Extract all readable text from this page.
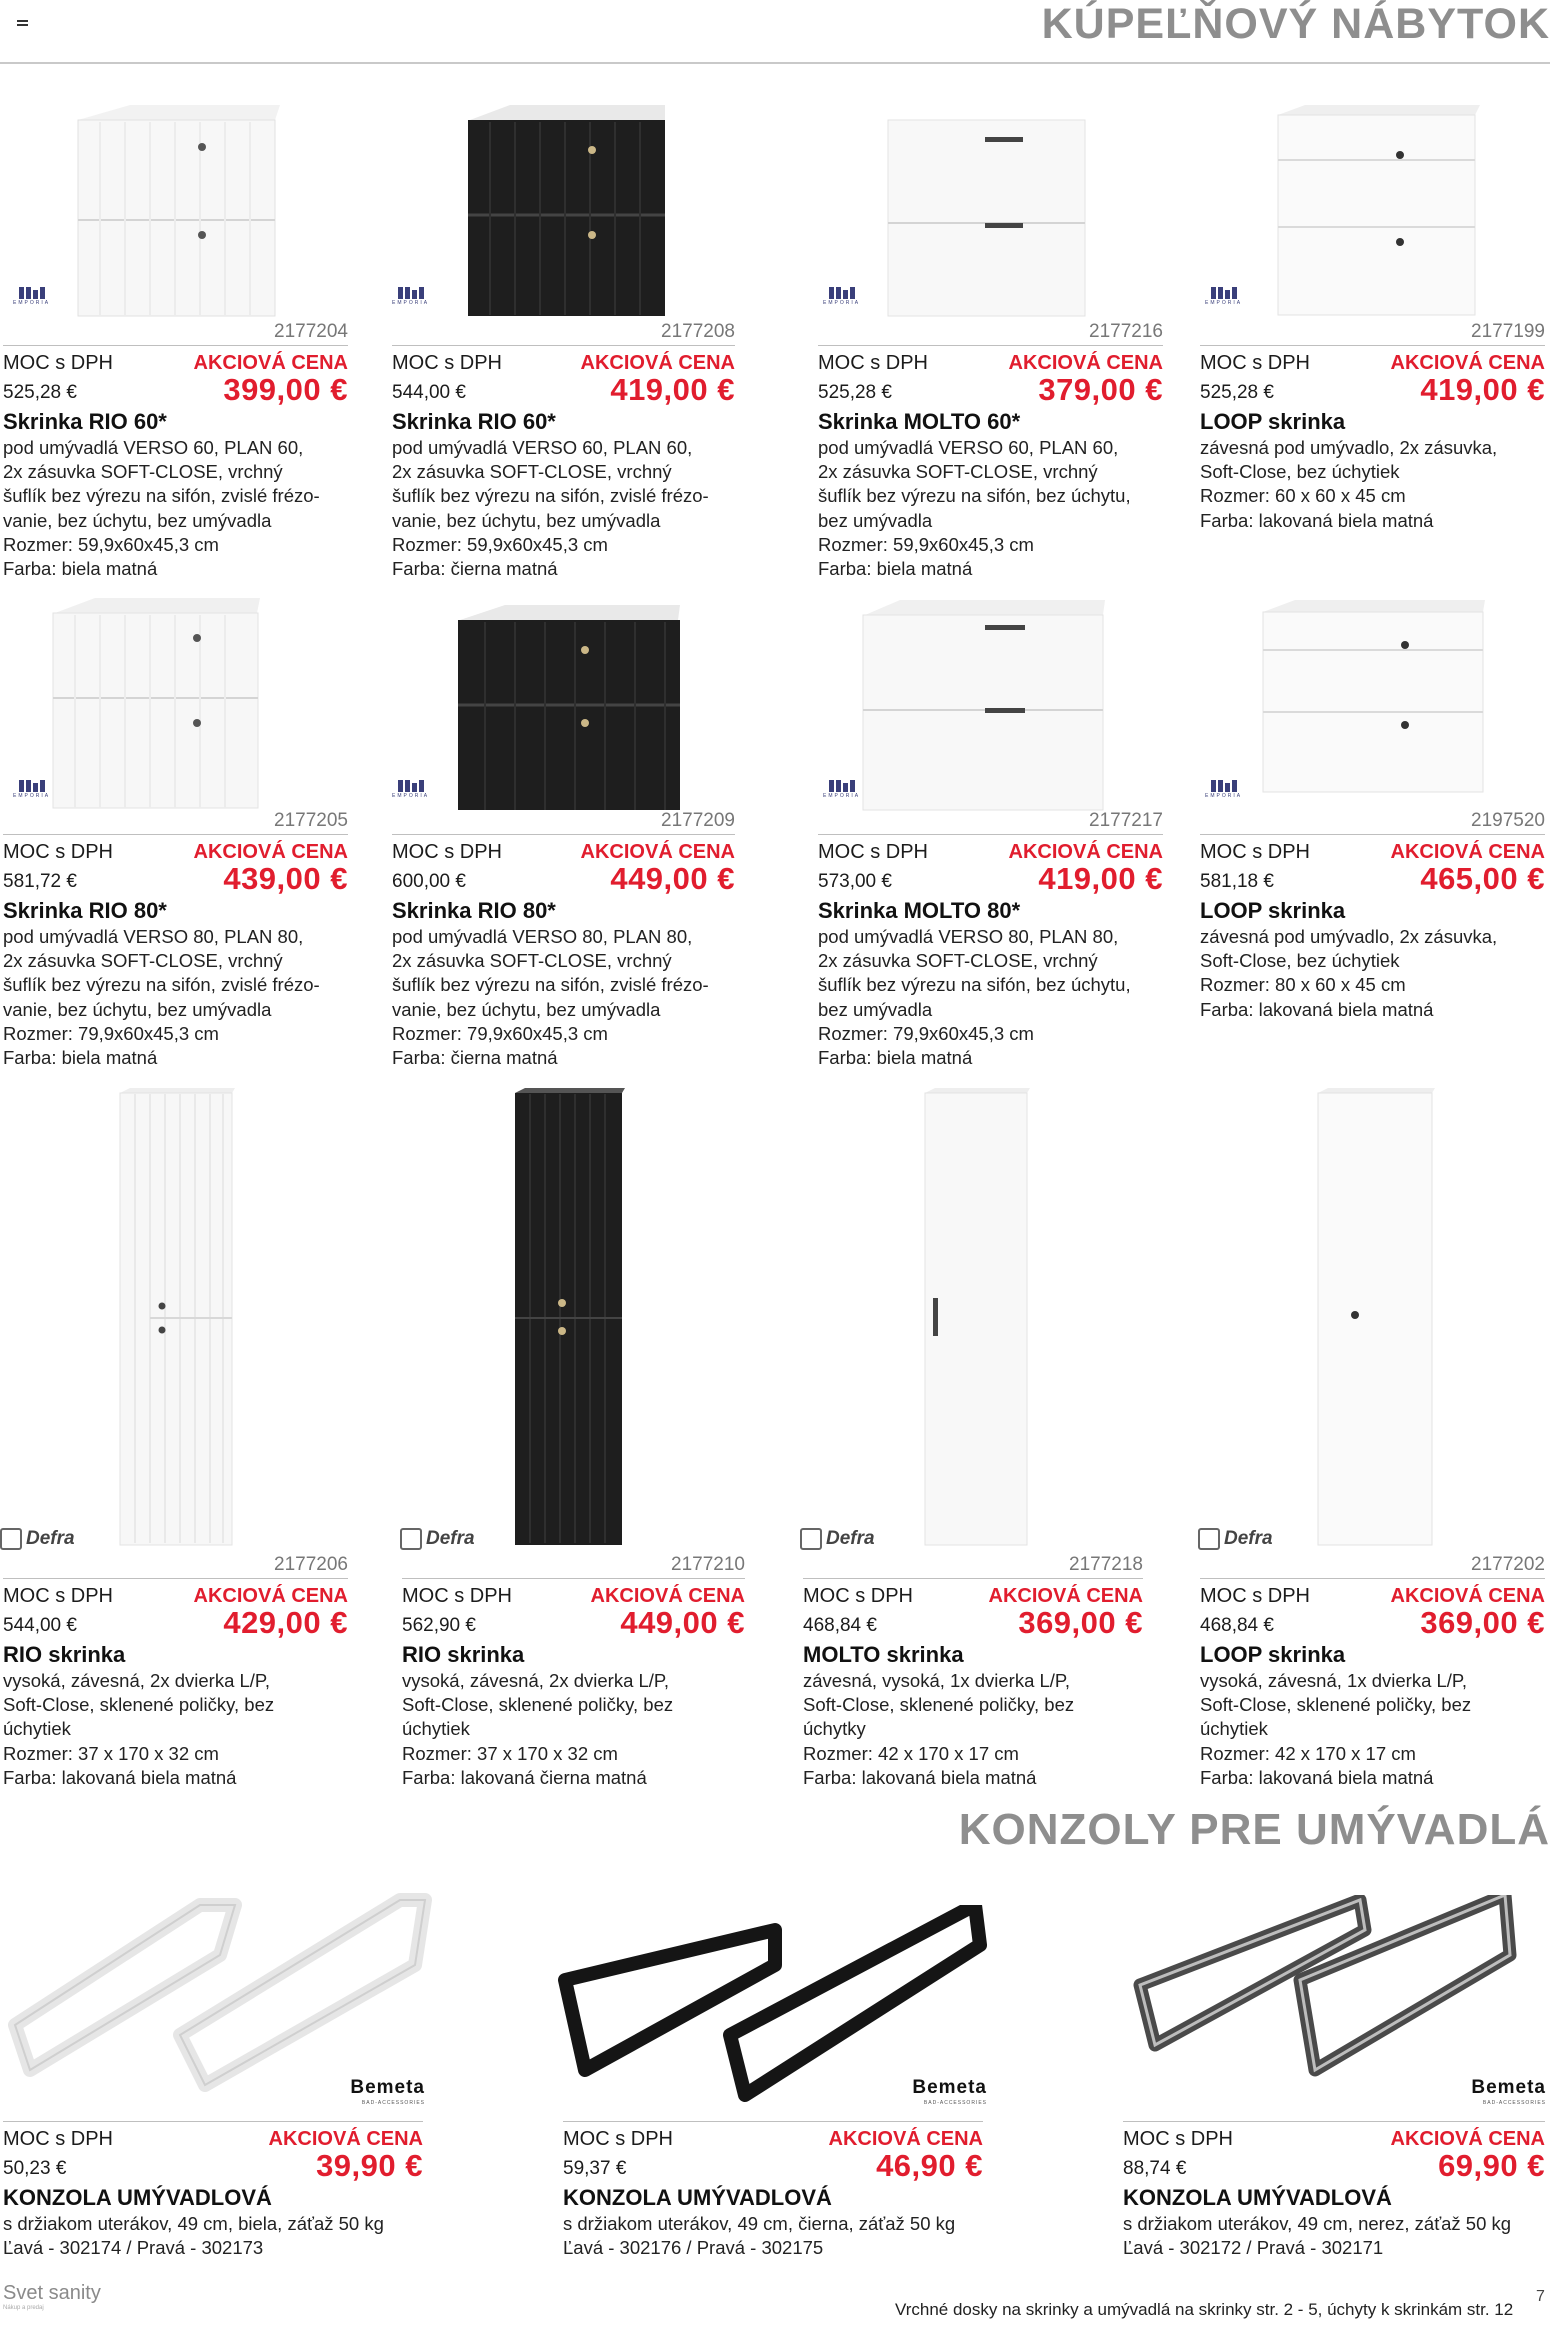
KÚPEĽŇOVÝ NÁBYTOK
KONZOLY PRE UMÝVADLÁ
EMPORIA
2177204
MOC s DPH	AKCIOVÁ CENA
525,28 €	399,00 €
Skrinka RIO 60*
pod umývadlá VERSO 60, PLAN 60,
2x zásuvka SOFT-CLOSE, vrchný
šuflík bez výrezu na sifón, zvislé frézo-
vanie, bez úchytu, bez umývadla
Rozmer: 59,9x60x45,3 cm
Farba: biela matná
EMPORIA
2177208
MOC s DPH	AKCIOVÁ CENA
544,00 €	419,00 €
Skrinka RIO 60*
pod umývadlá VERSO 60, PLAN 60,
2x zásuvka SOFT-CLOSE, vrchný
šuflík bez výrezu na sifón, zvislé frézo-
vanie, bez úchytu, bez umývadla
Rozmer: 59,9x60x45,3 cm
Farba: čierna matná
EMPORIA
2177216
MOC s DPH	AKCIOVÁ CENA
525,28 €	379,00 €
Skrinka MOLTO 60*
pod umývadlá VERSO 60, PLAN 60,
2x zásuvka SOFT-CLOSE, vrchný
šuflík bez výrezu na sifón, bez úchytu,
bez umývadla
Rozmer: 59,9x60x45,3 cm
Farba: biela matná
EMPORIA
2177199
MOC s DPH	AKCIOVÁ CENA
525,28 €	419,00 €
LOOP skrinka
závesná pod umývadlo, 2x zásuvka,
Soft-Close, bez úchytiek
Rozmer: 60 x 60 x 45 cm
Farba: lakovaná biela matná
EMPORIA
2177205
MOC s DPH	AKCIOVÁ CENA
581,72 €	439,00 €
Skrinka RIO 80*
pod umývadlá VERSO 80, PLAN 80,
2x zásuvka SOFT-CLOSE, vrchný
šuflík bez výrezu na sifón, zvislé frézo-
vanie, bez úchytu, bez umývadla
Rozmer: 79,9x60x45,3 cm
Farba: biela matná
EMPORIA
2177209
MOC s DPH	AKCIOVÁ CENA
600,00 €	449,00 €
Skrinka RIO 80*
pod umývadlá VERSO 80, PLAN 80,
2x zásuvka SOFT-CLOSE, vrchný
šuflík bez výrezu na sifón, zvislé frézo-
vanie, bez úchytu, bez umývadla
Rozmer: 79,9x60x45,3 cm
Farba: čierna matná
EMPORIA
2177217
MOC s DPH	AKCIOVÁ CENA
573,00 €	419,00 €
Skrinka MOLTO 80*
pod umývadlá VERSO 80, PLAN 80,
2x zásuvka SOFT-CLOSE, vrchný
šuflík bez výrezu na sifón, bez úchytu,
bez umývadla
Rozmer: 79,9x60x45,3 cm
Farba: biela matná
EMPORIA
2197520
MOC s DPH	AKCIOVÁ CENA
581,18 €	465,00 €
LOOP skrinka
závesná pod umývadlo, 2x zásuvka,
Soft-Close, bez úchytiek
Rozmer: 80 x 60 x 45 cm
Farba: lakovaná biela matná
Defra
2177206
MOC s DPH	AKCIOVÁ CENA
544,00 €	429,00 €
RIO skrinka
vysoká, závesná, 2x dvierka L/P,
Soft-Close, sklenené poličky, bez
úchytiek
Rozmer: 37 x 170 x 32 cm
Farba: lakovaná biela matná
Defra
2177210
MOC s DPH	AKCIOVÁ CENA
562,90 €	449,00 €
RIO skrinka
vysoká, závesná, 2x dvierka L/P,
Soft-Close, sklenené poličky, bez
úchytiek
Rozmer: 37 x 170 x 32 cm
Farba: lakovaná čierna matná
Defra
2177218
MOC s DPH	AKCIOVÁ CENA
468,84 €	369,00 €
MOLTO skrinka
závesná, vysoká, 1x dvierka L/P,
Soft-Close, sklenené poličky, bez
úchytky
Rozmer: 42 x 170 x 17 cm
Farba: lakovaná biela matná
Defra
2177202
MOC s DPH	AKCIOVÁ CENA
468,84 €	369,00 €
LOOP skrinka
vysoká, závesná, 1x dvierka L/P,
Soft-Close, sklenené poličky, bez
úchytiek
Rozmer: 42 x 170 x 17 cm
Farba: lakovaná biela matná
Bemeta
BAD-ACCESSORIES
MOC s DPH	AKCIOVÁ CENA
50,23 €	39,90 €
KONZOLA UMÝVADLOVÁ
s držiakom uterákov, 49 cm, biela, záťaž 50 kg
Ľavá - 302174 / Pravá - 302173
Bemeta
BAD-ACCESSORIES
MOC s DPH	AKCIOVÁ CENA
59,37 €	46,90 €
KONZOLA UMÝVADLOVÁ
s držiakom uterákov, 49 cm, čierna, záťaž 50 kg
Ľavá - 302176 / Pravá - 302175
Bemeta
BAD-ACCESSORIES
MOC s DPH	AKCIOVÁ CENA
88,74 €	69,90 €
KONZOLA UMÝVADLOVÁ
s držiakom uterákov, 49 cm, nerez, záťaž 50 kg
Ľavá - 302172 / Pravá - 302171
Svet sanity
Nákup a predaj	Vrchné dosky na skrinky a umývadlá na skrinky str. 2 - 5, úchyty k skrinkám str. 12
7
